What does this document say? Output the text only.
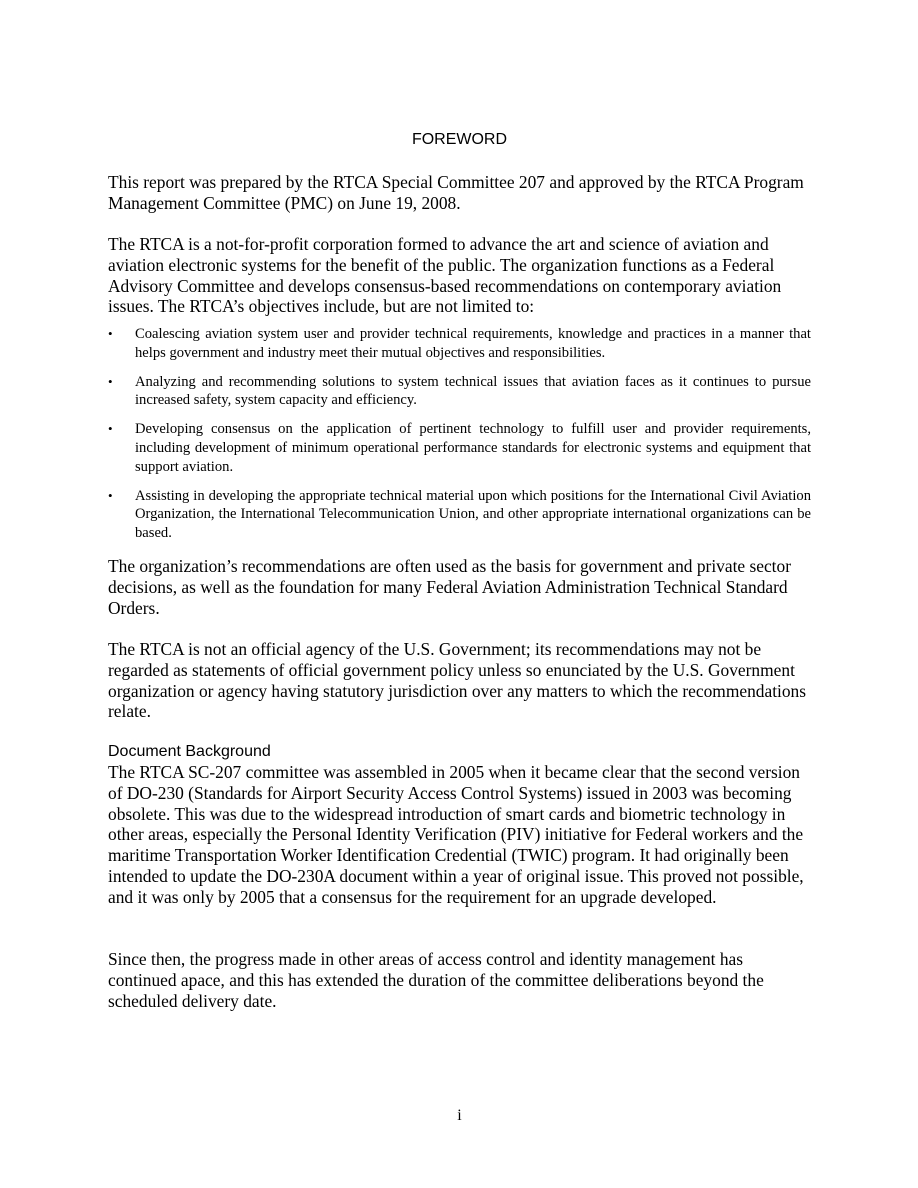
FOREWORD

This report was prepared by the RTCA Special Committee 207 and approved by the RTCA Program Management Committee (PMC) on June 19, 2008.

The RTCA is a not-for-profit corporation formed to advance the art and science of aviation and aviation electronic systems for the benefit of the public. The organization functions as a Federal Advisory Committee and develops consensus-based recommendations on contemporary aviation issues. The RTCA’s objectives include, but are not limited to:

• Coalescing aviation system user and provider technical requirements, knowledge and practices in a manner that helps government and industry meet their mutual objectives and responsibilities.
• Analyzing and recommending solutions to system technical issues that aviation faces as it continues to pursue increased safety, system capacity and efficiency.
• Developing consensus on the application of pertinent technology to fulfill user and provider requirements, including development of minimum operational performance standards for electronic systems and equipment that support aviation.
• Assisting in developing the appropriate technical material upon which positions for the International Civil Aviation Organization, the International Telecommunication Union, and other appropriate international organizations can be based.

The organization’s recommendations are often used as the basis for government and private sector decisions, as well as the foundation for many Federal Aviation Administration Technical Standard Orders.

The RTCA is not an official agency of the U.S. Government; its recommendations may not be regarded as statements of official government policy unless so enunciated by the U.S. Government organization or agency having statutory jurisdiction over any matters to which the recommendations relate.

Document Background

The RTCA SC-207 committee was assembled in 2005 when it became clear that the second version of DO-230 (Standards for Airport Security Access Control Systems) issued in 2003 was becoming obsolete. This was due to the widespread introduction of smart cards and biometric technology in other areas, especially the Personal Identity Verification (PIV) initiative for Federal workers and the maritime Transportation Worker Identification Credential (TWIC) program. It had originally been intended to update the DO-230A document within a year of original issue. This proved not possible, and it was only by 2005 that a consensus for the requirement for an upgrade developed.

Since then, the progress made in other areas of access control and identity management has continued apace, and this has extended the duration of the committee deliberations beyond the scheduled delivery date.

i
